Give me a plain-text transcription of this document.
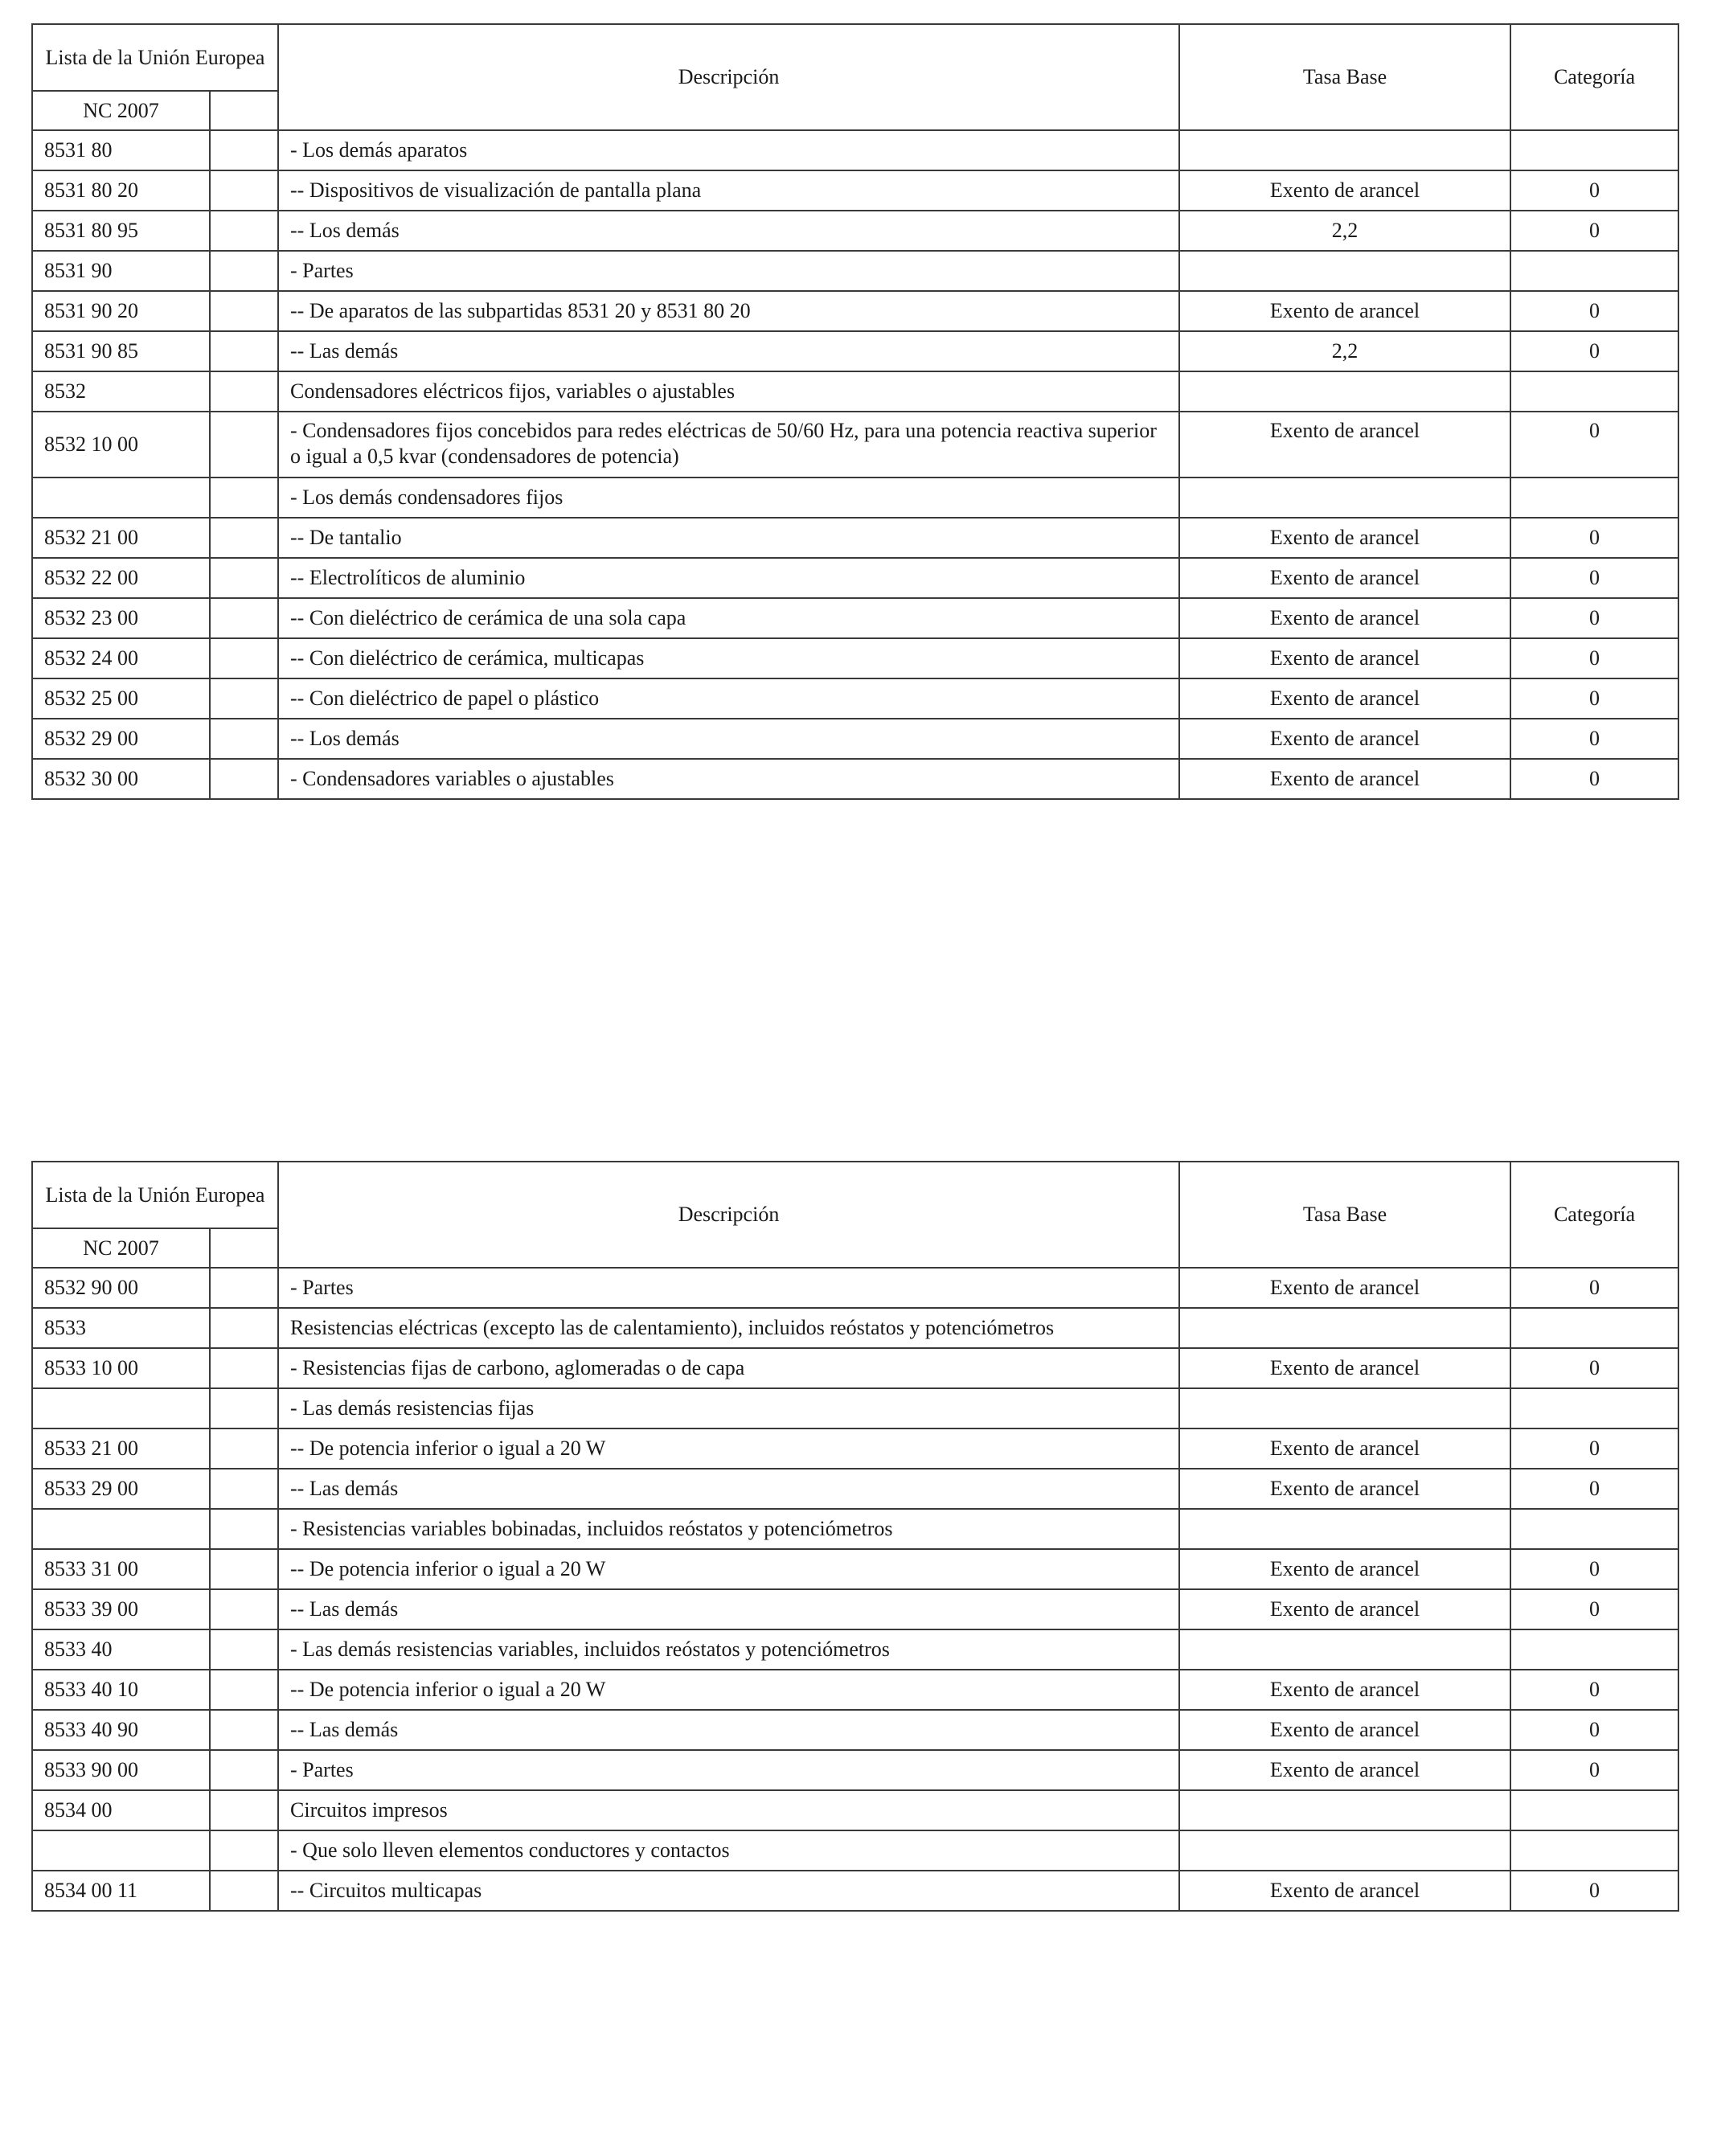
Lista de la Unión Europea		Descripción	Tasa Base	Categoría
NC 2007				
8531 80		- Los demás aparatos		
8531 80 20		-- Dispositivos de visualización de pantalla plana	Exento de arancel	0
8531 80 95		-- Los demás	2,2	0
8531 90		- Partes		
8531 90 20		-- De aparatos de las subpartidas 8531 20 y 8531 80 20	Exento de arancel	0
8531 90 85		-- Las demás	2,2	0
8532		Condensadores eléctricos fijos, variables o ajustables		
8532 10 00		- Condensadores fijos concebidos para redes eléctricas de 50/60 Hz, para una potencia reactiva superior o igual a 0,5 kvar (condensadores de potencia)	Exento de arancel	0
		- Los demás condensadores fijos		
8532 21 00		-- De tantalio	Exento de arancel	0
8532 22 00		-- Electrolíticos de aluminio	Exento de arancel	0
8532 23 00		-- Con dieléctrico de cerámica de una sola capa	Exento de arancel	0
8532 24 00		-- Con dieléctrico de cerámica, multicapas	Exento de arancel	0
8532 25 00		-- Con dieléctrico de papel o plástico	Exento de arancel	0
8532 29 00		-- Los demás	Exento de arancel	0
8532 30 00		- Condensadores variables o ajustables	Exento de arancel	0
Lista de la Unión Europea		Descripción	Tasa Base	Categoría
NC 2007				
8532 90 00		- Partes	Exento de arancel	0
8533		Resistencias eléctricas (excepto las de calentamiento), incluidos reóstatos y potenciómetros		
8533 10 00		- Resistencias fijas de carbono, aglomeradas o de capa	Exento de arancel	0
		- Las demás resistencias fijas		
8533 21 00		-- De potencia inferior o igual a 20 W	Exento de arancel	0
8533 29 00		-- Las demás	Exento de arancel	0
		- Resistencias variables bobinadas, incluidos reóstatos y potenciómetros		
8533 31 00		-- De potencia inferior o igual a 20 W	Exento de arancel	0
8533 39 00		-- Las demás	Exento de arancel	0
8533 40		- Las demás resistencias variables, incluidos reóstatos y potenciómetros		
8533 40 10		-- De potencia inferior o igual a 20 W	Exento de arancel	0
8533 40 90		-- Las demás	Exento de arancel	0
8533 90 00		- Partes	Exento de arancel	0
8534 00		Circuitos impresos		
		- Que solo lleven elementos conductores y contactos		
8534 00 11		-- Circuitos multicapas	Exento de arancel	0
